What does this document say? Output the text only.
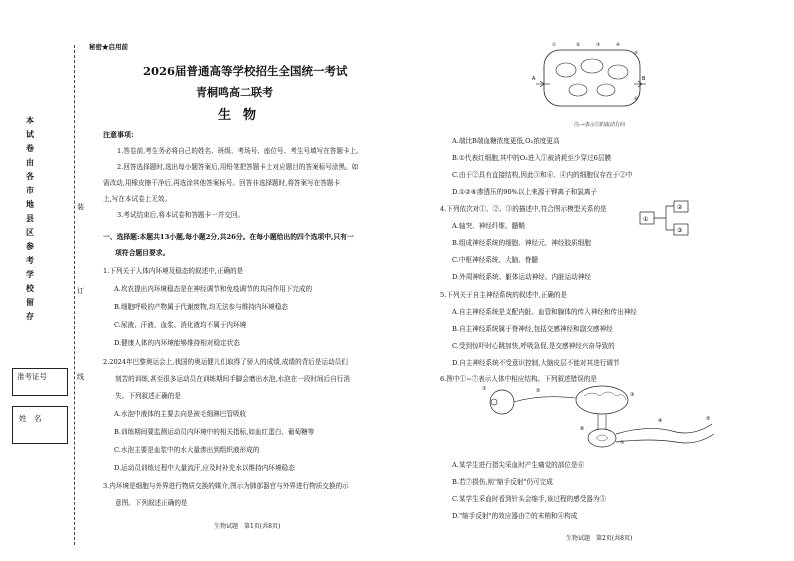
本
试
卷
由
各
市
地
县
区
参
考
学
校
留
存
准考证号
姓　名
装
订
线
秘密★启用前
2026届普通高等学校招生全国统一考试
青桐鸣高二联考
生物
注意事项:
1.答卷前,考生务必将自己的姓名、班级、考场号、座位号、考生号填写在答题卡上。
2.回答选择题时,选出每小题答案后,用铅笔把答题卡上对应题目的答案标号涂黑。如
需改动,用橡皮擦干净后,再选涂其他答案标号。回答非选择题时,将答案写在答题卡
上,写在本试卷上无效。
3.考试结束后,将本试卷和答题卡一并交回。
一、选择题:本题共13小题,每小题2分,共26分。在每小题给出的四个选项中,只有一
项符合题目要求。
1.下列关于人体内环境及稳态的叙述中,正确的是
A.坎农提出内环境稳态是在神经调节和免疫调节的共同作用下完成的
B.细胞呼吸的产物属于代谢废物,均无法参与维持内环境稳态
C.尿液、汗液、血浆、消化液均不属于内环境
D.健康人体的内环境能够维持相对稳定状态
2.2024年巴黎奥运会上,我国的奥运健儿们取得了骄人的成绩,成绩的背后是运动员们
刻苦的训练,甚至很多运动员在训练期间手脚会磨出水泡,水泡在一段时间后自行消
失。下列叙述正确的是
A.水泡中液体的主要去向是被毛细淋巴管吸收
B.训练期间要监测运动员内环境中的相关指标,如血红蛋白、葡萄糖等
C.水泡主要是血浆中的水大量渗出到组织液形成的
D.运动员训练过程中大量流汗,应及时补充水以维持内环境稳态
3.内环境是细胞与外界进行物质交换的媒介,图示为肺部器官与外界进行物质交换的示
意图。下列叙述正确的是
生物试题　第1页(共8页)
A	B
①	②	③	④
⑤
⑥
注:→表示⑤的流动方向
A.端比B端血糖浓度更低,O₂浓度更高
B.①代表红细胞,其中的O₂进入①被消耗至少穿过6层膜
C.由于②具有直接结构,因此③和⑥、④内的细胞仅存在于②中
D.①②⑥渗透压的90%以上来源于钾离子和氯离子
4.下列依次对①、②、③的描述中,符合图示模型关系的是
A.轴突、神经纤维、髓鞘
B.组成神经系统的细胞、神经元、神经胶质细胞
C.中枢神经系统、大脑、脊髓
D.外周神经系统、躯体运动神经、内脏运动神经
①
②
③
5.下列关于自主神经系统的叙述中,正确的是
A.自主神经系统是支配内脏、血管和腺体的传入神经和传出神经
B.自主神经系统属于脊神经,包括交感神经和副交感神经
C.受到惊吓时心跳加快,呼吸急促,是交感神经兴奋导致的
D.自主神经系统不受意识控制,大脑皮层不能对其进行调节
6.图中①~⑦表示人体中相应结构。下列叙述错误的是
①	②
③
⑥
⑦
④	⑤
A.某学生进行指尖采血时产生痛觉的部位是⑥
B.若⑦损伤,则"缩手反射"仍可完成
C.某学生采血时看到针头会缩手,该过程的感受器为⑤
D."缩手反射"的效应器由⑦的末梢和④构成
生物试题　第2页(共8页)
